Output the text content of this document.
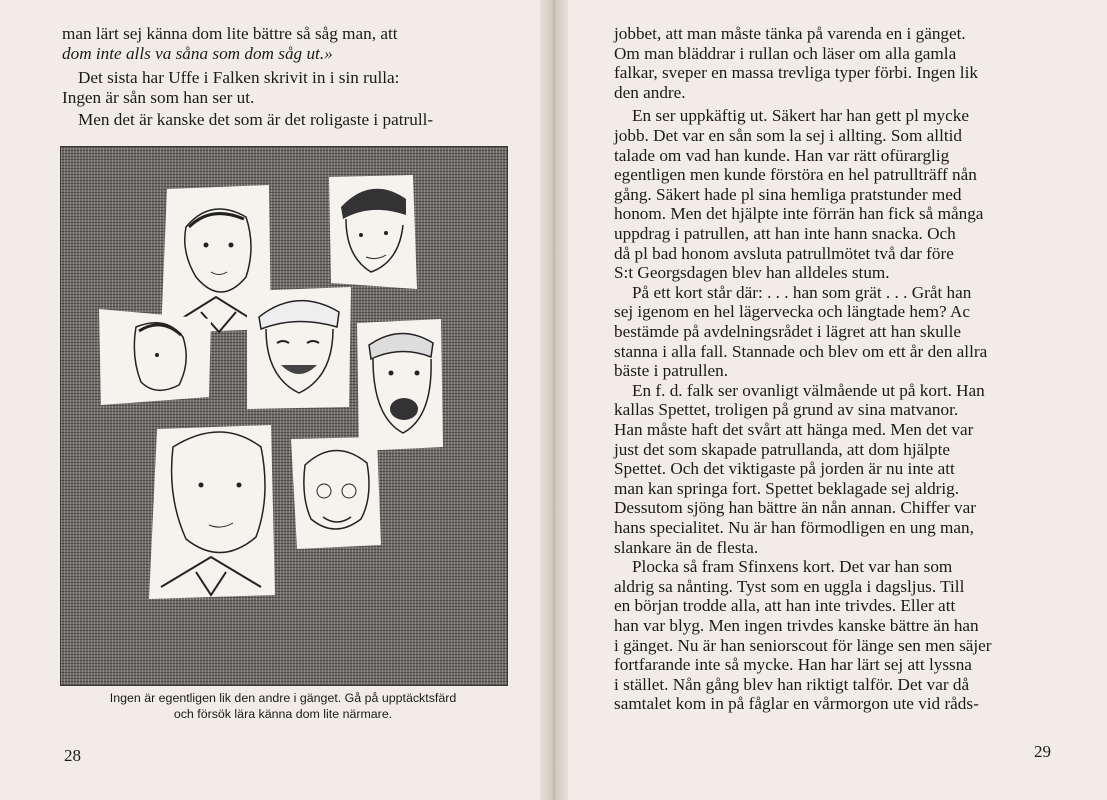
man lärt sej känna dom lite bättre så såg man, att
dom inte alls va såna som dom såg ut.»
Det sista har Uffe i Falken skrivit in i sin rulla:
Ingen är sån som han ser ut.
Men det är kanske det som är det roligaste i patrull-
Ingen är egentligen lik den andre i gänget. Gå på upptäcktsfärd
och försök lära känna dom lite närmare.
28
jobbet, att man måste tänka på varenda en i gänget.
Om man bläddrar i rullan och läser om alla gamla
falkar, svеper en massa trevliga typer förbi. Ingen lik
den andre.
En ser uppkäftig ut. Säkert har han gett pl mycke
jobb. Det var en sån som la sej i allting. Som alltid
talade om vad han kunde. Han var rätt ofürarglig
egentligen men kunde förstöra en hel patrullträff nån
gång. Säkert hade pl sina hemliga pratstunder med
honom. Men det hjälpte inte förrän han fick så många
uppdrag i patrullen, att han inte hann snacka. Och
då pl bad honom avsluta patrullmötet två dar före
S:t Georgsdagen blev han alldeles stum.
På ett kort står där: . . . han som grät . . . Gråt han
sej igenom en hel lägervecka och längtade hem? Ac
bestämde på avdelningsrådet i lägret att han skulle
stanna i alla fall. Stannade och blev om ett år den allra
bäste i patrullen.
En f. d. falk ser ovanligt välmående ut på kort. Han
kallas Spettet, troligen på grund av sina matvanor.
Han måste haft det svårt att hänga med. Men det var
just det som skapade patrullanda, att dom hjälpte
Spettet. Och det viktigaste på jorden är nu inte att
man kan springa fort. Spettet beklagade sej aldrig.
Dessutom sjöng han bättre än nån annan. Chiffer var
hans specialitet. Nu är han förmodligen en ung man,
slankare än de flesta.
Plocka så fram Sfinxens kort. Det var han som
aldrig sa nånting. Tyst som en uggla i dagsljus. Till
en början trodde alla, att han inte trivdes. Eller att
han var blyg. Men ingen trivdes kanske bättre än han
i gänget. Nu är han seniorscout för länge sen men säjer
fortfarande inte så mycke. Han har lärt sej att lyssna
i stället. Nån gång blev han riktigt talför. Det var då
samtalet kom in på fåglar en vårmorgon ute vid råds-
29
